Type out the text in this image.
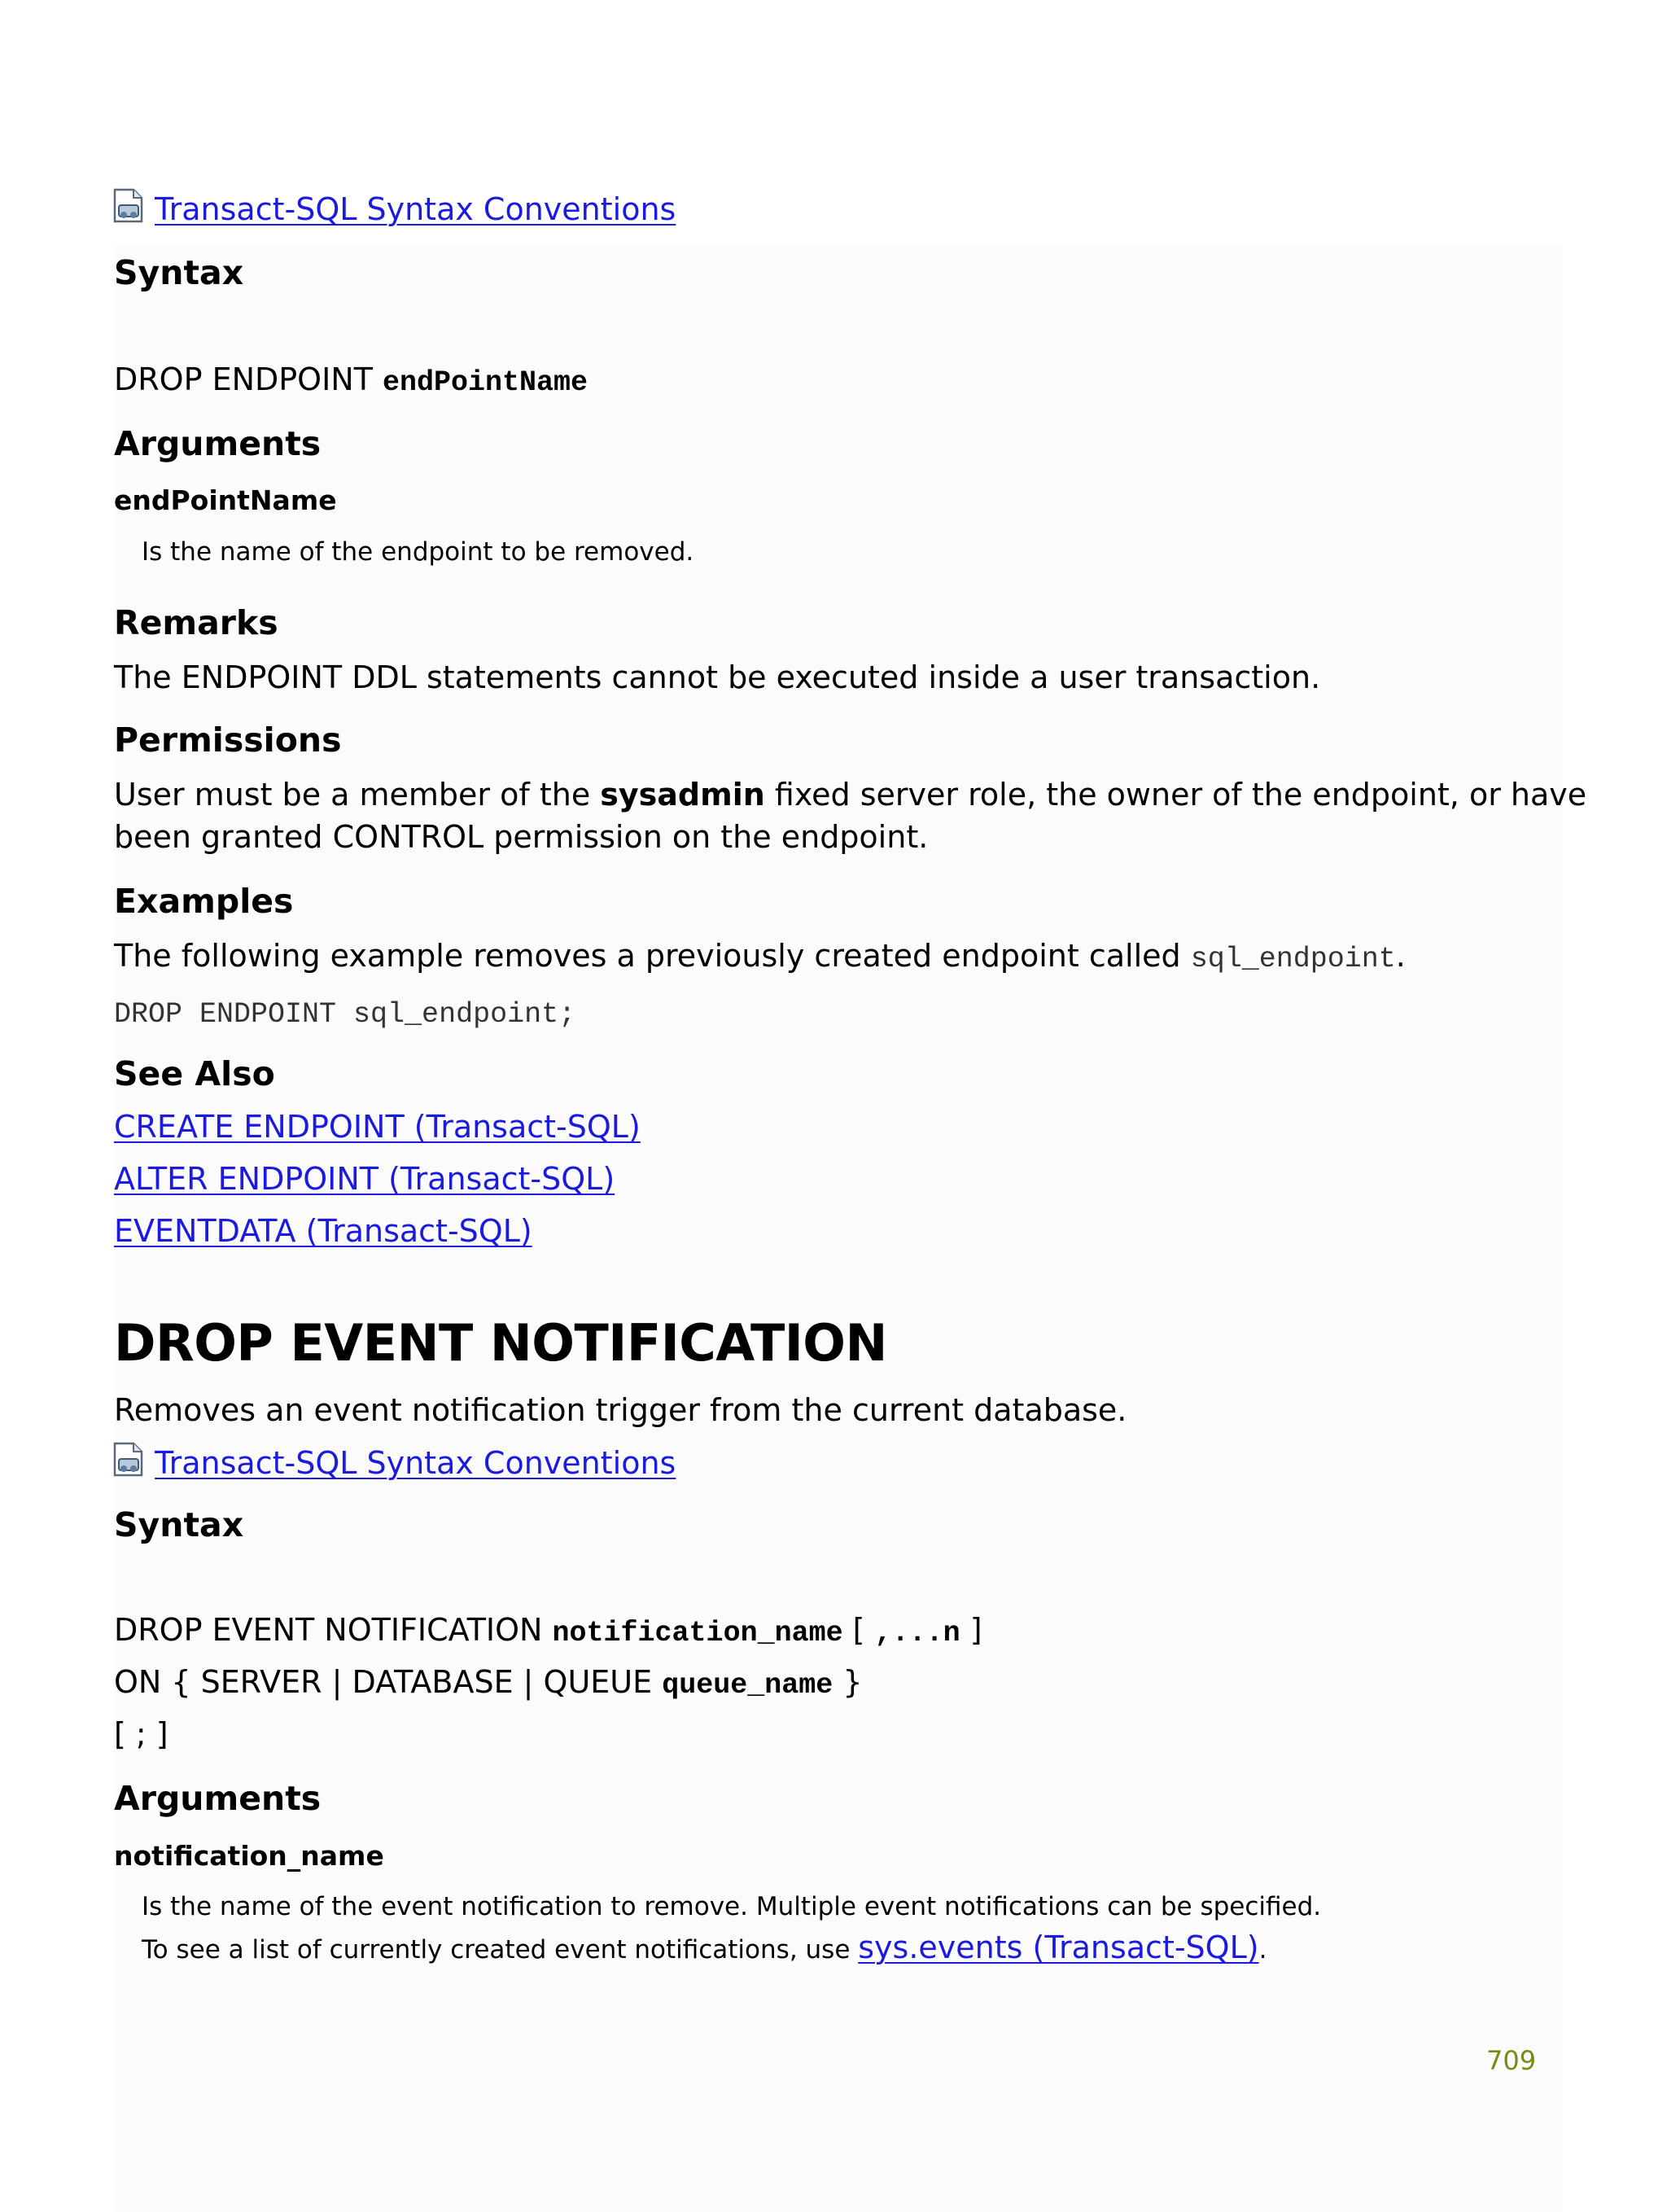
Transact-SQL Syntax Conventions
Syntax
DROP ENDPOINT endPointName
Arguments
endPointName
Is the name of the endpoint to be removed.
Remarks
The ENDPOINT DDL statements cannot be executed inside a user transaction.
Permissions
User must be a member of the sysadmin fixed server role, the owner of the endpoint, or have
been granted CONTROL permission on the endpoint.
Examples
The following example removes a previously created endpoint called sql_endpoint.
DROP ENDPOINT sql_endpoint;
See Also
CREATE ENDPOINT (Transact-SQL)
ALTER ENDPOINT (Transact-SQL)
EVENTDATA (Transact-SQL)
DROP EVENT NOTIFICATION
Removes an event notification trigger from the current database.
Transact-SQL Syntax Conventions
Syntax
DROP EVENT NOTIFICATION notification_name [ ,...n ]
ON { SERVER | DATABASE | QUEUE queue_name }
[ ; ]
Arguments
notification_name
Is the name of the event notification to remove. Multiple event notifications can be specified.
To see a list of currently created event notifications, use sys.events (Transact-SQL).
709
